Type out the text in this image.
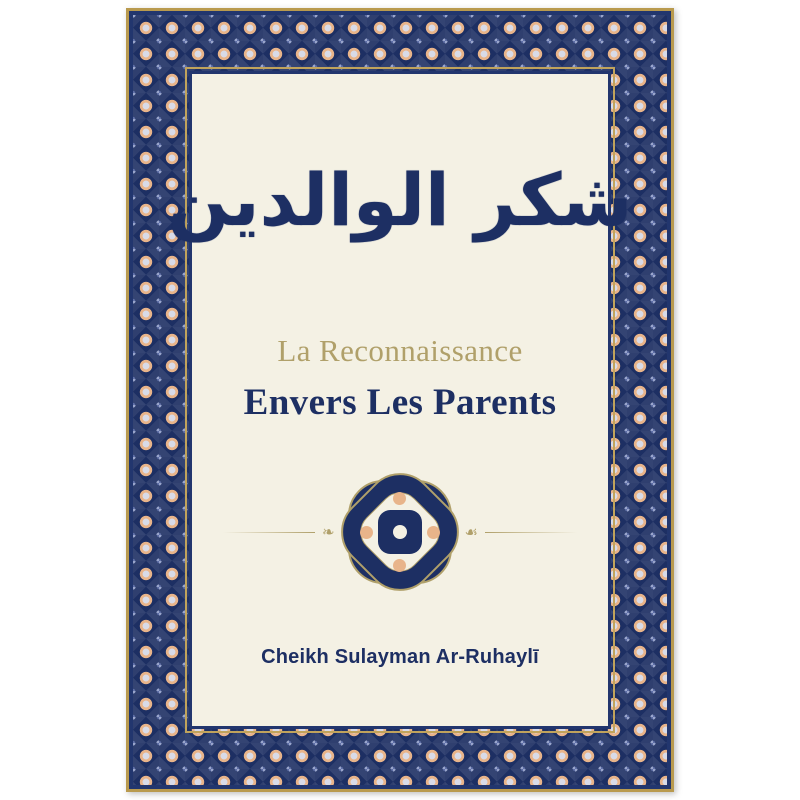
شكر الوالدين
La Reconnaissance
Envers Les Parents
❧	☙
Cheikh Sulayman Ar-Ruhaylī
